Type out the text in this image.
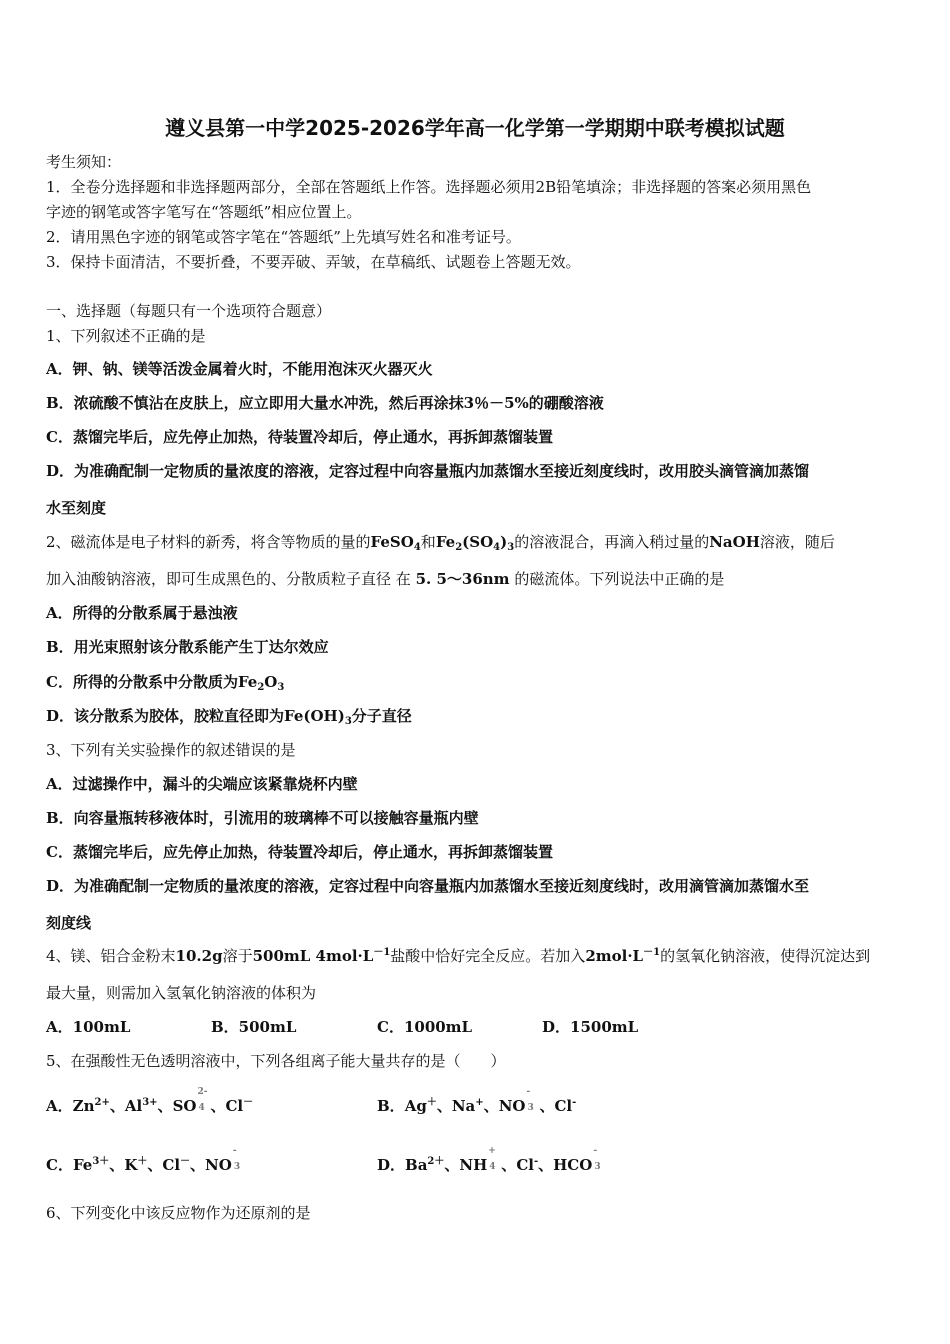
遵义县第一中学2025-2026学年高一化学第一学期期中联考模拟试题
考生须知：
1．全卷分选择题和非选择题两部分，全部在答题纸上作答。选择题必须用2B铅笔填涂；非选择题的答案必须用黑色
字迹的钢笔或答字笔写在“答题纸”相应位置上。
2．请用黑色字迹的钢笔或答字笔在“答题纸”上先填写姓名和准考证号。
3．保持卡面清洁，不要折叠，不要弄破、弄皱，在草稿纸、试题卷上答题无效。
一、选择题（每题只有一个选项符合题意）
1、下列叙述不正确的是
A．钾、钠、镁等活泼金属着火时，不能用泡沫灭火器灭火
B．浓硫酸不慎沾在皮肤上，应立即用大量水冲洗，然后再涂抹3％－5%的硼酸溶液
C．蒸馏完毕后，应先停止加热，待装置冷却后，停止通水，再拆卸蒸馏装置
D．为准确配制一定物质的量浓度的溶液，定容过程中向容量瓶内加蒸馏水至接近刻度线时，改用胶头滴管滴加蒸馏
水至刻度
2、磁流体是电子材料的新秀，将含等物质的量的FeSO$_4$和$Fe_2(SO_4)_3$的溶液混合，再滴入稍过量的NaOH溶液，随后
加入油酸钠溶液，即可生成黑色的、分散质粒子直径 在 5. 5～36nm 的磁流体。下列说法中正确的是
A．所得的分散系属于悬浊液
B．用光束照射该分散系能产生丁达尔效应
C．所得的分散系中分散质为$Fe_2O_3$
D．该分散系为胶体，胶粒直径即为$Fe(OH)_3$分子直径
3、下列有关实验操作的叙述错误的是
A．过滤操作中，漏斗的尖端应该紧靠烧杯内壁
B．向容量瓶转移液体时，引流用的玻璃棒不可以接触容量瓶内壁
C．蒸馏完毕后，应先停止加热，待装置冷却后，停止通水，再拆卸蒸馏装置
D．为准确配制一定物质的量浓度的溶液，定容过程中向容量瓶内加蒸馏水至接近刻度线时，改用滴管滴加蒸馏水至
刻度线
4、镁、铝合金粉末10.2g溶于500mL $4mol\cdot L^{-1}$盐酸中恰好完全反应。若加入$2mol\cdot L^{-1}$的氢氧化钠溶液，使得沉淀达到
最大量，则需加入氢氧化钠溶液的体积为
A．100mL	B．500mL	C．1000mL	D．1500mL
5、在强酸性无色透明溶液中，下列各组离子能大量共存的是（　　）
A．$Zn^{2+}$、$Al^{3+}$、SO
2-
4 、Cl－	B．Ag＋、Na+、NO
-
3 、Cl-
C．$Fe^{3+}$、K＋、Cl－、NO
-
3	D．$Ba^{2+}$、NH
+
4 、Cl-、HCO
-
3
6、下列变化中该反应物作为还原剂的是
